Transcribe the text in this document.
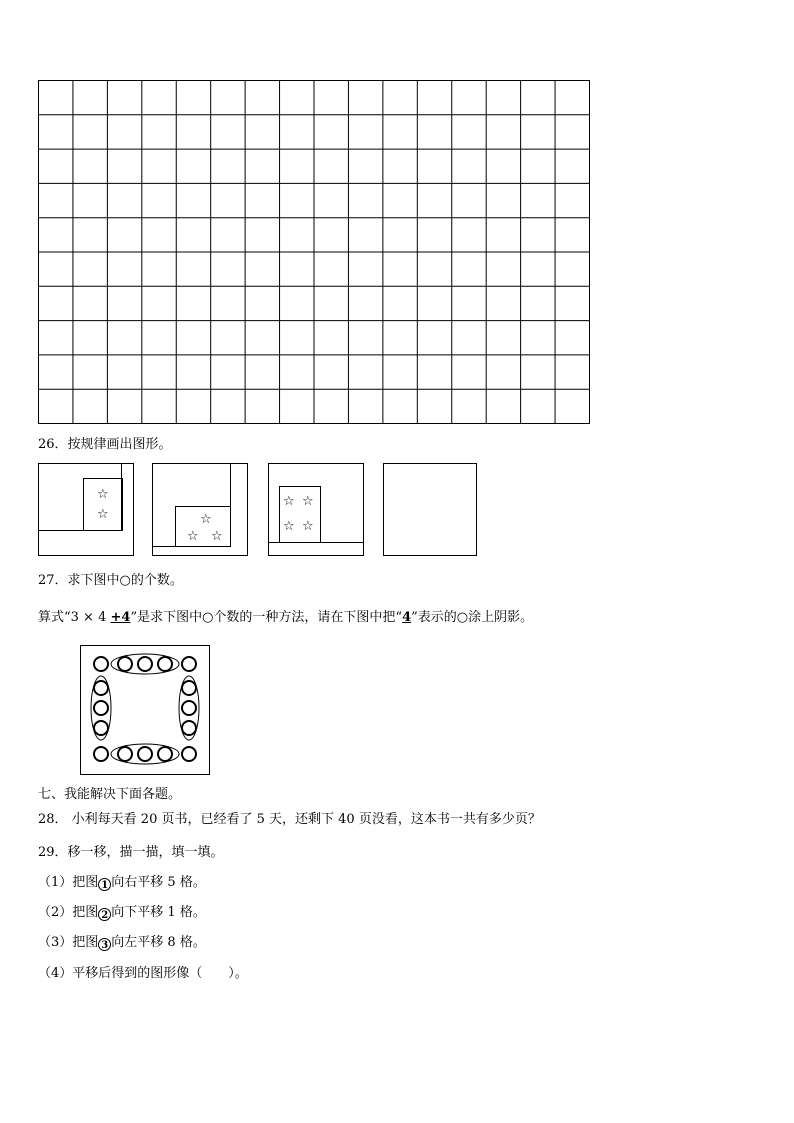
26．按规律画出图形。
☆
☆	☆
☆ ☆
☆ ☆
☆ ☆
27．求下图中○的个数。
算式“3 × 4 +4”是求下图中○个数的一种方法，请在下图中把“4”表示的○涂上阴影。
七、我能解决下面各题。
28． 小利每天看 20 页书，已经看了 5 天，还剩下 40 页没看，这本书一共有多少页？
29．移一移，描一描，填一填。
（1）把图 1 向右平移 5 格。
（2）把图 2 向下平移 1 格。
（3）把图 3 向左平移 8 格。
（4）平移后得到的图形像（　　）。
